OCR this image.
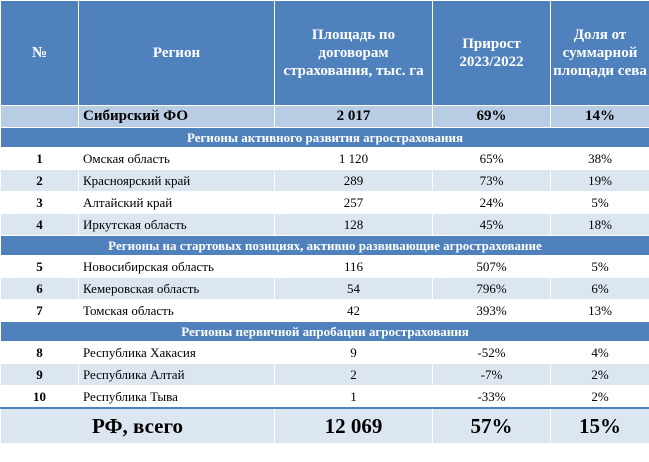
№	Регион	Площадь по договорам страхования, тыс. га	Прирост 2023/2022	Доля от суммарной площади сева
	Сибирский ФО	2 017	69%	14%
Регионы активного развития агрострахования				
1	Омская область	1 120	65%	38%
2	Красноярский край	289	73%	19%
3	Алтайский край	257	24%	5%
4	Иркутская область	128	45%	18%
Регионы на стартовых позициях, активно развивающие агрострахование				
5	Новосибирская область	116	507%	5%
6	Кемеровская область	54	796%	6%
7	Томская область	42	393%	13%
Регионы первичной апробации агрострахования				
8	Республика Хакасия	9	-52%	4%
9	Республика Алтай	2	-7%	2%
10	Республика Тыва	1	-33%	2%
РФ, всего		12 069	57%	15%
